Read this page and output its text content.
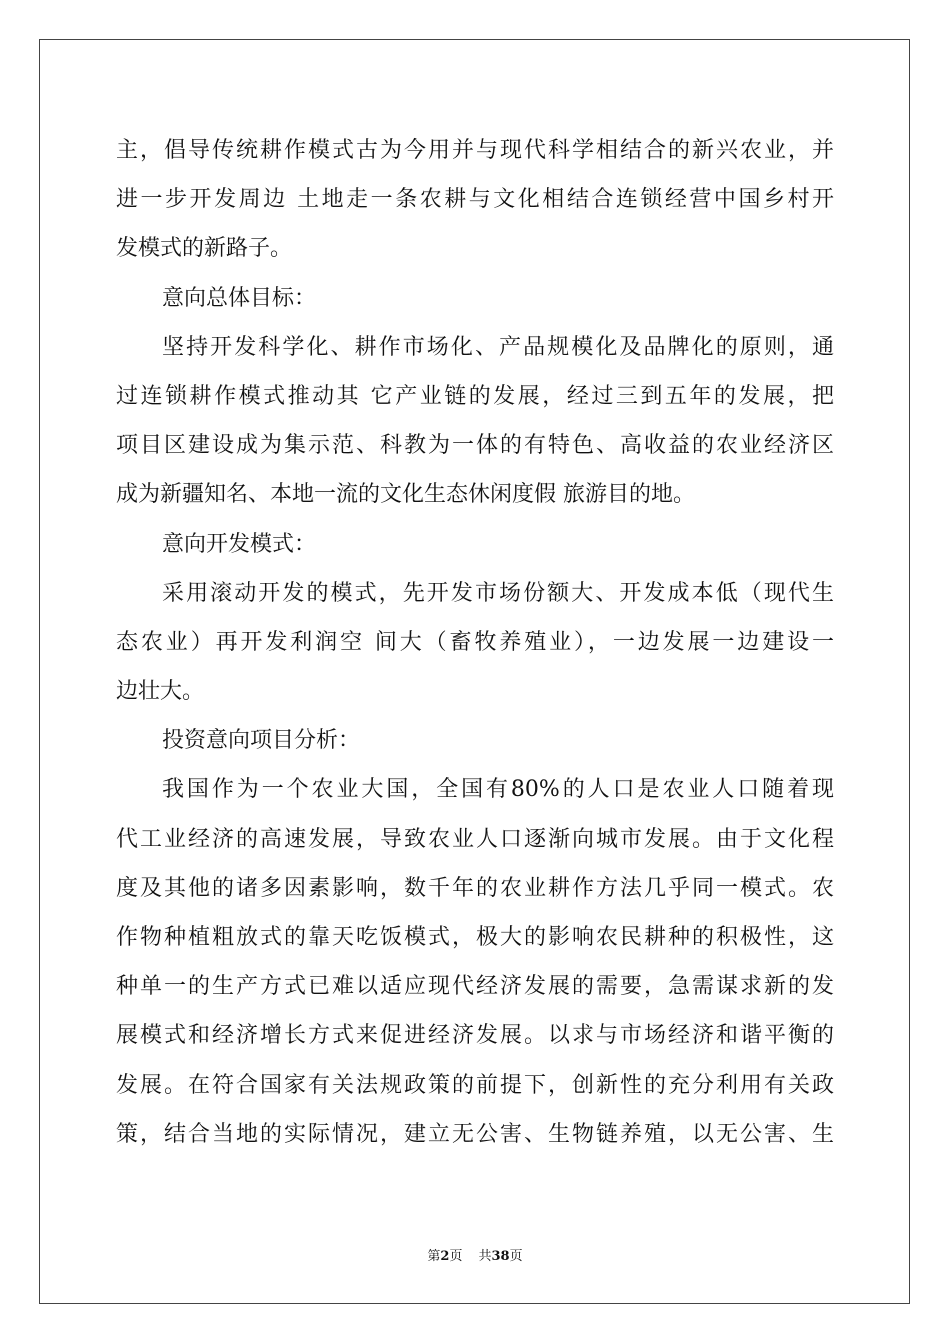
主，倡导传统耕作模式古为今用并与现代科学相结合的新兴农业，并
进一步开发周边 土地走一条农耕与文化相结合连锁经营中国乡村开
发模式的新路子。
意向总体目标：
坚持开发科学化、耕作市场化、产品规模化及品牌化的原则，通
过连锁耕作模式推动其 它产业链的发展，经过三到五年的发展，把
项目区建设成为集示范、科教为一体的有特色、高收益的农业经济区
成为新疆知名、本地一流的文化生态休闲度假 旅游目的地。
意向开发模式：
采用滚动开发的模式，先开发市场份额大、开发成本低（现代生
态农业）再开发利润空 间大（畜牧养殖业），一边发展一边建设一
边壮大。
投资意向项目分析：
我国作为一个农业大国，全国有80%的人口是农业人口随着现
代工业经济的高速发展，导致农业人口逐渐向城市发展。由于文化程
度及其他的诸多因素影响，数千年的农业耕作方法几乎同一模式。农
作物种植粗放式的靠天吃饭模式，极大的影响农民耕种的积极性，这
种单一的生产方式已难以适应现代经济发展的需要，急需谋求新的发
展模式和经济增长方式来促进经济发展。以求与市场经济和谐平衡的
发展。在符合国家有关法规政策的前提下，创新性的充分利用有关政
策，结合当地的实际情况，建立无公害、生物链养殖，以无公害、生
第2页 共38页
